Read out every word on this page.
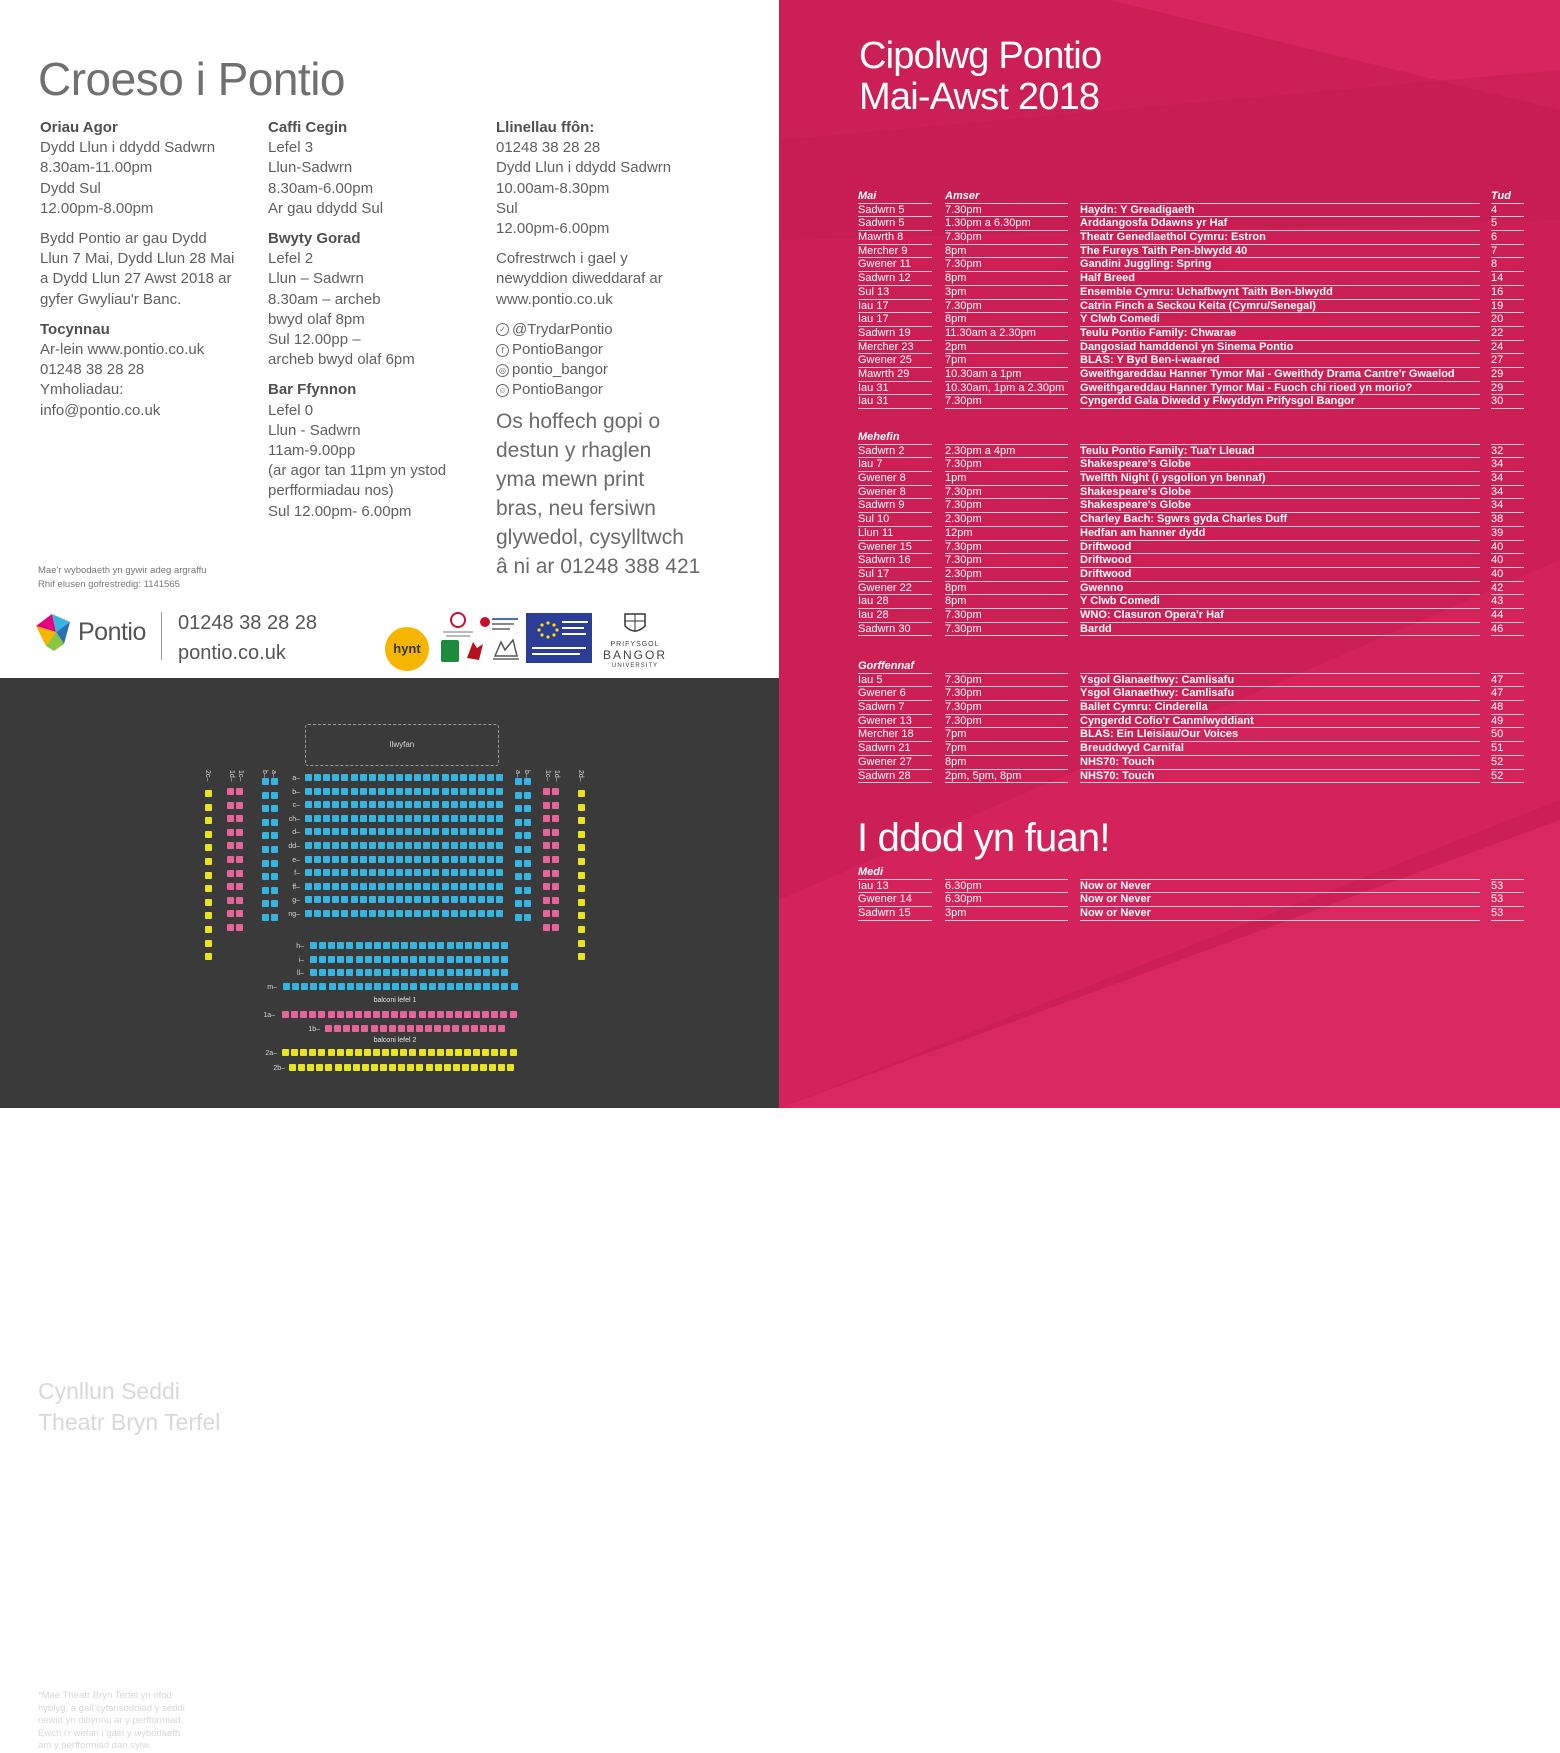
Croeso i Pontio
Oriau Agor
Dydd Llun i ddydd Sadwrn
8.30am-11.00pm
Dydd Sul
12.00pm-8.00pm
Bydd Pontio ar gau Dydd
Llun 7 Mai, Dydd Llun 28 Mai
a Dydd Llun 27 Awst 2018 ar
gyfer Gwyliau'r Banc.
Tocynnau
Ar-lein www.pontio.co.uk
01248 38 28 28
Ymholiadau:
info@pontio.co.uk
Caffi Cegin
Lefel 3
Llun-Sadwrn
8.30am-6.00pm
Ar gau ddydd Sul
Bwyty Gorad
Lefel 2
Llun – Sadwrn
8.30am – archeb
bwyd olaf 8pm
Sul 12.00pp –
archeb bwyd olaf 6pm
Bar Ffynnon
Lefel 0
Llun - Sadwrn
11am-9.00pp
(ar agor tan 11pm yn ystod
perfformiadau nos)
Sul 12.00pm- 6.00pm
Llinellau ffôn:
01248 38 28 28
Dydd Llun i ddydd Sadwrn
10.00am-8.30pm
Sul
12.00pm-6.00pm
Cofrestrwch i gael y
newyddion diweddaraf ar
www.pontio.co.uk
✓ @TrydarPontio
f PontioBangor
◎ pontio_bangor
☺ PontioBangor
Os hoffech gopi o
destun y rhaglen
yma mewn print
bras, neu fersiwn
glywedol, cysylltwch
â ni ar 01248 388 421
Mae'r wybodaeth yn gywir adeg argraffu
Rhif elusen gofrestredig: 1141565
Pontio 01248 38 28 28
pontio.co.uk	hynt	PRIFYSGOL
BANGOR
UNIVERSITY
Cynllun Seddi
Theatr Bryn Terfel
*Mae Theatr Bryn Terfel yn ofod
hyblyg, a gall cyfansoddiad y seddi
newid yn dibynnu ar y perfformiad.
Ewch i'r wefan i gael y wybodaeth
am y perfformiad dan sylw.
llwyfan
a–
b–
c–
ch–
d–
dd–
e–
f–
ff–
g–
ng–
2c– 1d– 1c– b– a–	a– b– 1c– 1d– 2d–
h–
i–
ll–
m–
balconi lefel 1
1a–
1b–
balconi lefel 2
2a–
2b–
Cipolwg Pontio
Mai-Awst 2018
I ddod yn fuan!
Mai	Amser	Tud
Sadwrn 5	7.30pm	Haydn: Y Greadigaeth	4
Sadwrn 5	1.30pm a 6.30pm	Arddangosfa Ddawns yr Haf	5
Mawrth 8	7.30pm	Theatr Genedlaethol Cymru: Estron	6
Mercher 9	8pm	The Fureys Taith Pen-blwydd 40	7
Gwener 11	7.30pm	Gandini Juggling: Spring	8
Sadwrn 12	8pm	Half Breed	14
Sul 13	3pm	Ensemble Cymru: Uchafbwynt Taith Ben-blwydd	16
Iau 17	7.30pm	Catrin Finch a Seckou Keita (Cymru/Senegal)	19
Iau 17	8pm	Y Clwb Comedi	20
Sadwrn 19	11.30am a 2.30pm	Teulu Pontio Family: Chwarae	22
Mercher 23	2pm	Dangosiad hamddenol yn Sinema Pontio	24
Gwener 25	7pm	BLAS: Y Byd Ben-i-waered	27
Mawrth 29	10.30am a 1pm	Gweithgareddau Hanner Tymor Mai - Gweithdy Drama Cantre'r Gwaelod	29
Iau 31	10.30am, 1pm a 2.30pm	Gweithgareddau Hanner Tymor Mai - Fuoch chi rioed yn morio?	29
Iau 31	7.30pm	Cyngerdd Gala Diwedd y Flwyddyn Prifysgol Bangor	30
Mehefin
Sadwrn 2	2.30pm a 4pm	Teulu Pontio Family: Tua'r Lleuad	32
Iau 7	7.30pm	Shakespeare's Globe	34
Gwener 8	1pm	Twelfth Night (i ysgolion yn bennaf)	34
Gwener 8	7.30pm	Shakespeare's Globe	34
Sadwrn 9	7.30pm	Shakespeare's Globe	34
Sul 10	2.30pm	Charley Bach: Sgwrs gyda Charles Duff	38
Llun 11	12pm	Hedfan am hanner dydd	39
Gwener 15	7.30pm	Driftwood	40
Sadwrn 16	7.30pm	Driftwood	40
Sul 17	2.30pm	Driftwood	40
Gwener 22	8pm	Gwenno	42
Iau 28	8pm	Y Clwb Comedi	43
Iau 28	7.30pm	WNO: Clasuron Opera'r Haf	44
Sadwrn 30	7.30pm	Bardd	46
Gorffennaf
Iau 5	7.30pm	Ysgol Glanaethwy: Camlisafu	47
Gwener 6	7.30pm	Ysgol Glanaethwy: Camlisafu	47
Sadwrn 7	7.30pm	Ballet Cymru: Cinderella	48
Gwener 13	7.30pm	Cyngerdd Cofio'r Canmlwyddiant	49
Mercher 18	7pm	BLAS: Ein Lleisiau/Our Voices	50
Sadwrn 21	7pm	Breuddwyd Carnifal	51
Gwener 27	8pm	NHS70: Touch	52
Sadwrn 28	2pm, 5pm, 8pm	NHS70: Touch	52
Medi
Iau 13	6.30pm	Now or Never	53
Gwener 14	6.30pm	Now or Never	53
Sadwrn 15	3pm	Now or Never	53
